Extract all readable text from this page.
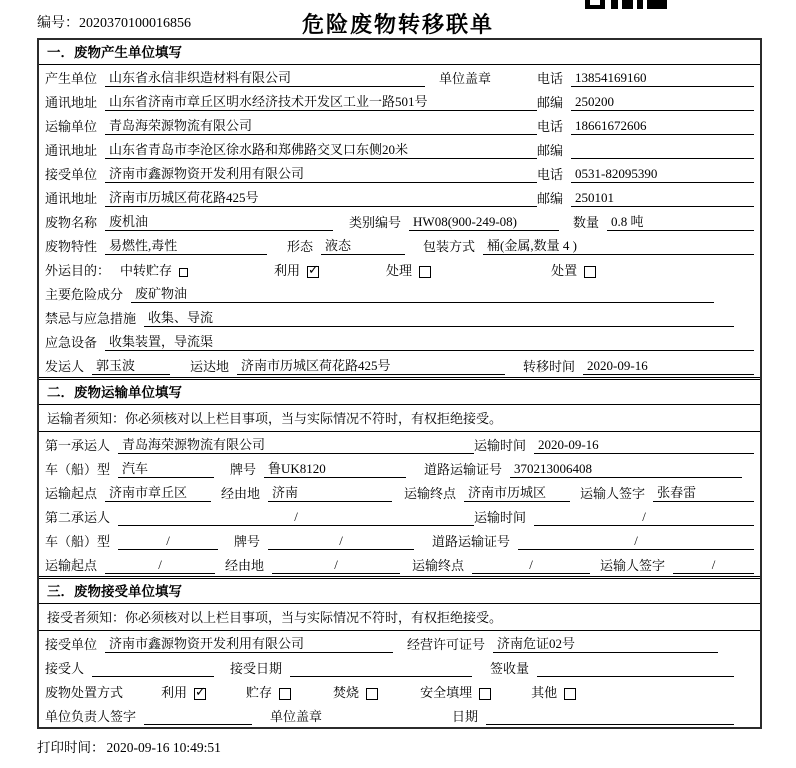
编号：2020370100016856	危险废物转移联单
一．废物产生单位填写
产生单位 山东省永信非织造材料有限公司	单位盖章	电话 13854169160
通讯地址 山东省济南市章丘区明水经济技术开发区工业一路501号	邮编 250200
运输单位 青岛海荣源物流有限公司	电话 18661672606
通讯地址 山东省青岛市李沧区徐水路和郑佛路交叉口东侧20米	邮编
接受单位 济南市鑫源物资开发利用有限公司	电话 0531-82095390
通讯地址 济南市历城区荷花路425号	邮编 250101
废物名称 废机油	类别编号 HW08(900-249-08)	数量 0.8 吨
废物特性 易燃性,毒性	形态 液态	包装方式 桶(金属,数量 4 )
外运目的： 中转贮存	利用 ✓	处理	处置
主要危险成分 废矿物油
禁忌与应急措施 收集、导流
应急设备 收集装置，导流渠
发运人 郭玉波	运达地 济南市历城区荷花路425号	转移时间 2020-09-16
二．废物运输单位填写
运输者须知：你必须核对以上栏目事项，当与实际情况不符时，有权拒绝接受。
第一承运人 青岛海荣源物流有限公司	运输时间 2020-09-16
车（船）型 汽车	牌号 鲁UK8120	道路运输证号 370213006408
运输起点 济南市章丘区	经由地 济南	运输终点 济南市历城区	运输人签字 张春雷
第二承运人	/	运输时间	/
车（船）型	/	牌号	/	道路运输证号	/
运输起点	/	经由地	/	运输终点	/	运输人签字	/
三．废物接受单位填写
接受者须知：你必须核对以上栏目事项，当与实际情况不符时，有权拒绝接受。
接受单位 济南市鑫源物资开发利用有限公司	经营许可证号 济南危证02号
接受人	接受日期	签收量
废物处置方式	利用 ✓	贮存	焚烧	安全填埋	其他
单位负责人签字	单位盖章	日期
打印时间： 2020-09-16 10:49:51
